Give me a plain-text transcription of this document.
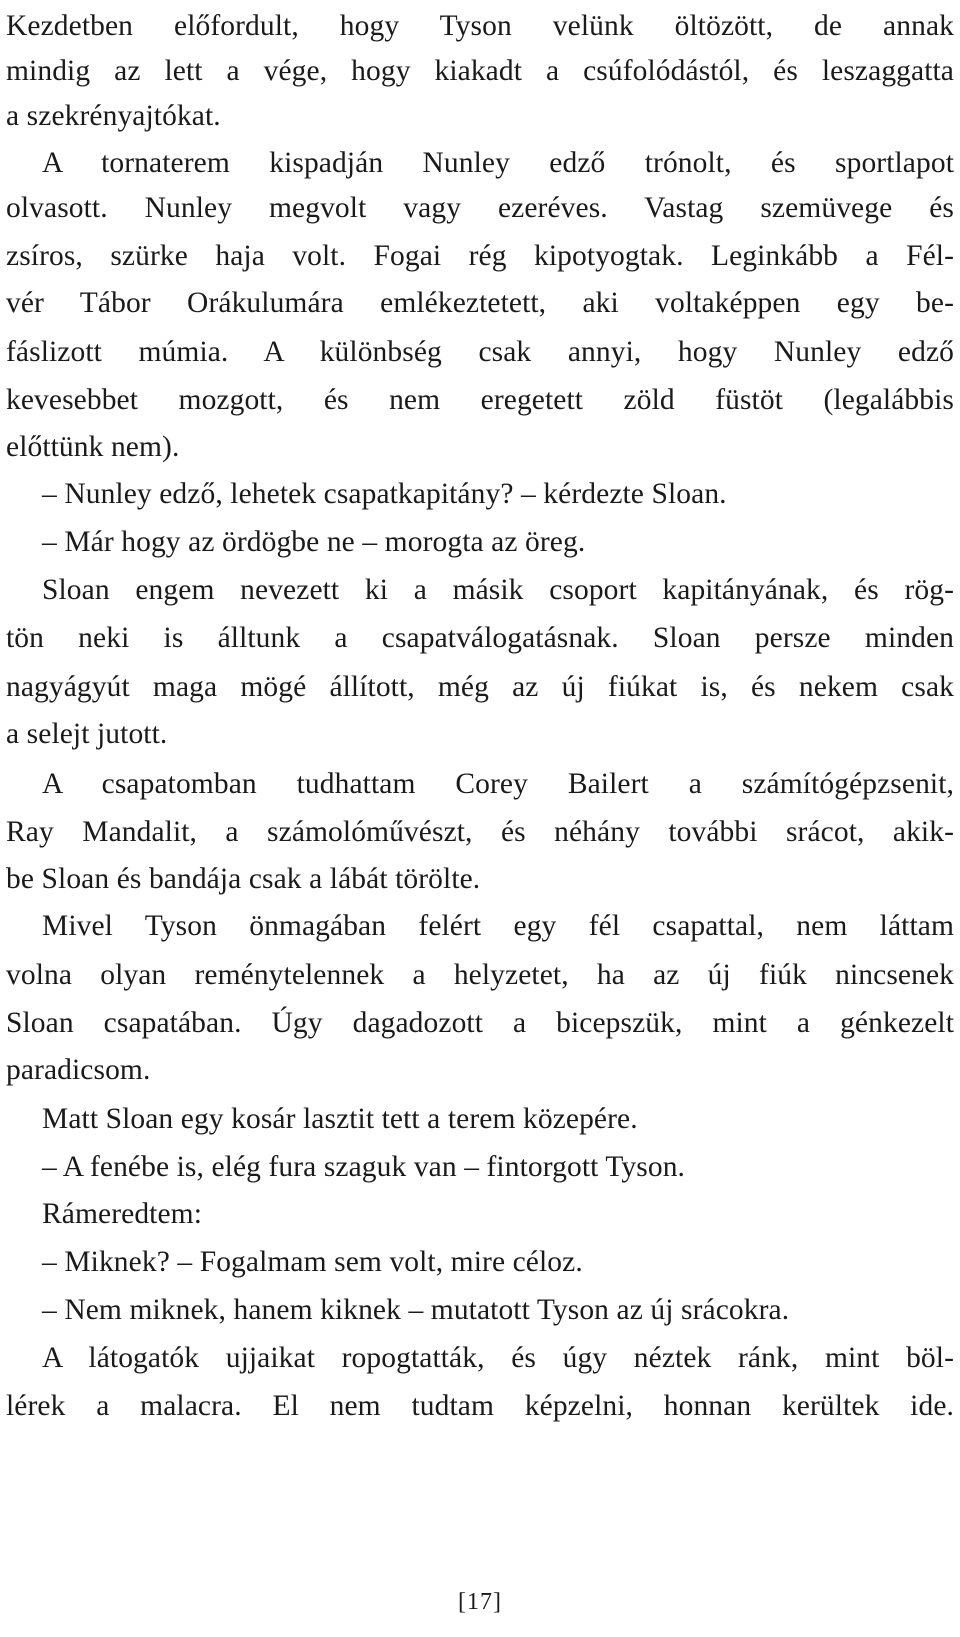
Kezdetben előfordult, hogy Tyson velünk öltözött, de annak
mindig az lett a vége, hogy kiakadt a csúfolódástól, és leszaggatta
a szekrényajtókat.
A tornaterem kispadján Nunley edző trónolt, és sportlapot
olvasott. Nunley megvolt vagy ezeréves. Vastag szemüvege és
zsíros, szürke haja volt. Fogai rég kipotyogtak. Leginkább a Fél-
vér Tábor Orákulumára emlékeztetett, aki voltaképpen egy be-
fáslizott múmia. A különbség csak annyi, hogy Nunley edző
kevesebbet mozgott, és nem eregetett zöld füstöt (legalábbis
előttünk nem).
– Nunley edző, lehetek csapatkapitány? – kérdezte Sloan.
– Már hogy az ördögbe ne – morogta az öreg.
Sloan engem nevezett ki a másik csoport kapitányának, és rög-
tön neki is álltunk a csapatválogatásnak. Sloan persze minden
nagyágyút maga mögé állított, még az új fiúkat is, és nekem csak
a selejt jutott.
A csapatomban tudhattam Corey Bailert a számítógépzsenit,
Ray Mandalit, a számolóművészt, és néhány további srácot, akik-
be Sloan és bandája csak a lábát törölte.
Mivel Tyson önmagában felért egy fél csapattal, nem láttam
volna olyan reménytelennek a helyzetet, ha az új fiúk nincsenek
Sloan csapatában. Úgy dagadozott a bicepszük, mint a génkezelt
paradicsom.
Matt Sloan egy kosár lasztit tett a terem közepére.
– A fenébe is, elég fura szaguk van – fintorgott Tyson.
Rámeredtem:
– Miknek? – Fogalmam sem volt, mire céloz.
– Nem miknek, hanem kiknek – mutatott Tyson az új srácokra.
A látogatók ujjaikat ropogtatták, és úgy néztek ránk, mint böl-
lérek a malacra. El nem tudtam képzelni, honnan kerültek ide.
[17]
